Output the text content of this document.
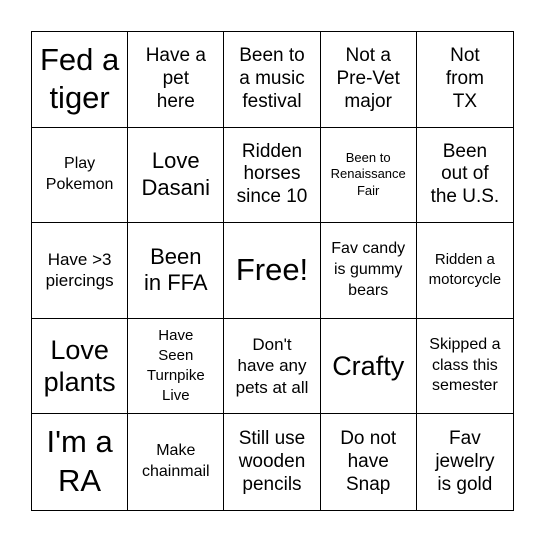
Fed a
tiger
Have a
pet
here
Been to
a music
festival
Not a
Pre-Vet
major
Not
from
TX
Play
Pokemon
Love
Dasani
Ridden
horses
since 10
Been to
Renaissance
Fair
Been
out of
the U.S.
Have >3
piercings
Been
in FFA Free!
Fav candy
is gummy
bears
Ridden a
motorcycle
Love
plants
Have
Seen
Turnpike
Live
Don't
have any
pets at all
Crafty
Skipped a
class this
semester
I'm a
RA
Make
chainmail
Still use
wooden
pencils
Do not
have
Snap
Fav
jewelry
is gold
